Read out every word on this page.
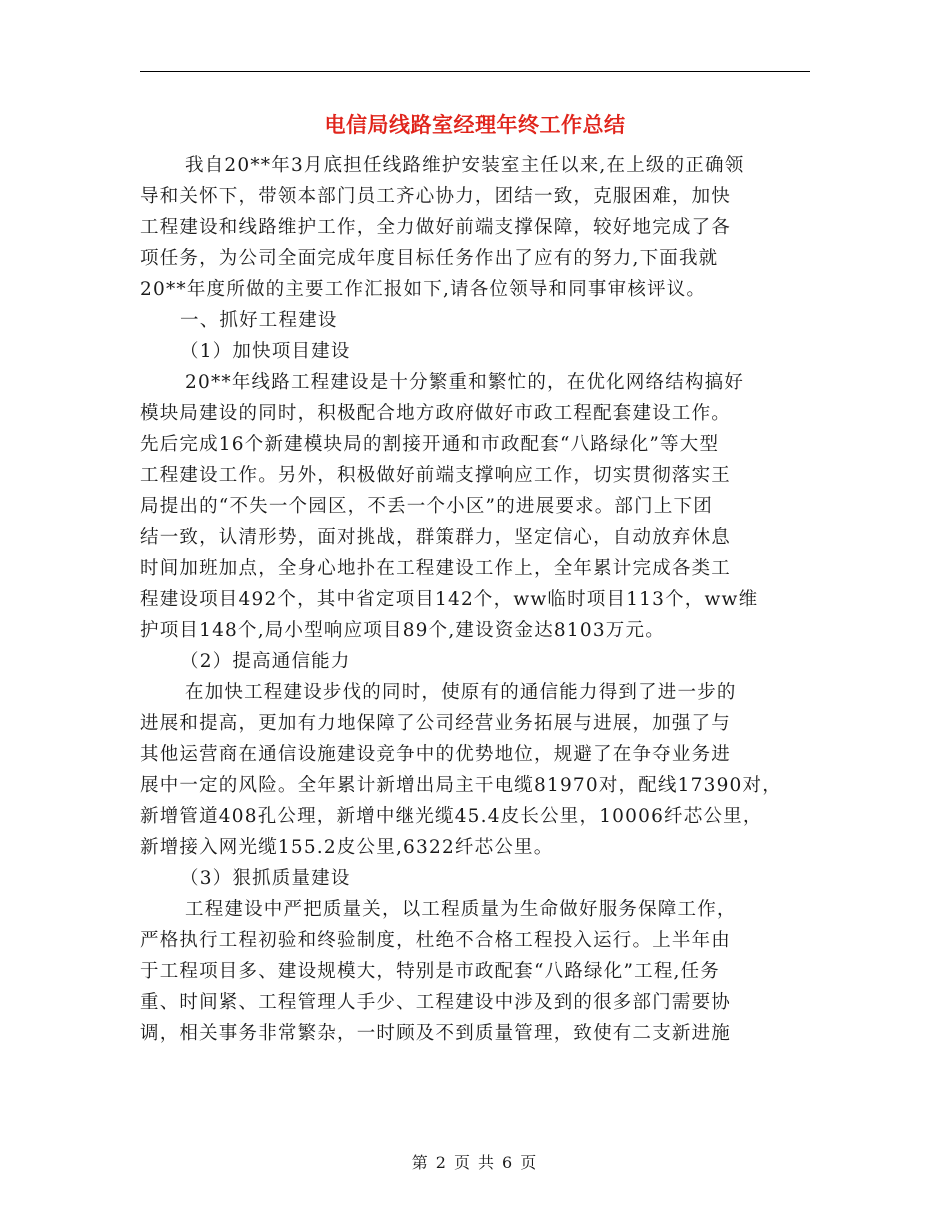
电信局线路室经理年终工作总结
我自20**年3月底担任线路维护安装室主任以来,在上级的正确领
导和关怀下，带领本部门员工齐心协力，团结一致，克服困难，加快
工程建设和线路维护工作，全力做好前端支撑保障，较好地完成了各
项任务，为公司全面完成年度目标任务作出了应有的努力,下面我就
20**年度所做的主要工作汇报如下,请各位领导和同事审核评议。
一、抓好工程建设
（1）加快项目建设
20**年线路工程建设是十分繁重和繁忙的，在优化网络结构搞好
模块局建设的同时，积极配合地方政府做好市政工程配套建设工作。
先后完成16个新建模块局的割接开通和市政配套“八路绿化”等大型
工程建设工作。另外，积极做好前端支撑响应工作，切实贯彻落实王
局提出的“不失一个园区，不丢一个小区”的进展要求。部门上下团
结一致，认清形势，面对挑战，群策群力，坚定信心，自动放弃休息
时间加班加点，全身心地扑在工程建设工作上，全年累计完成各类工
程建设项目492个，其中省定项目142个，ww临时项目113个，ww维
护项目148个,局小型响应项目89个,建设资金达8103万元。
（2）提高通信能力
在加快工程建设步伐的同时，使原有的通信能力得到了进一步的
进展和提高，更加有力地保障了公司经营业务拓展与进展，加强了与
其他运营商在通信设施建设竞争中的优势地位，规避了在争夺业务进
展中一定的风险。全年累计新增出局主干电缆81970对，配线17390对，
新增管道408孔公理，新增中继光缆45.4皮长公里，10006纤芯公里，
新增接入网光缆155.2皮公里,6322纤芯公里。
（3）狠抓质量建设
工程建设中严把质量关，以工程质量为生命做好服务保障工作，
严格执行工程初验和终验制度，杜绝不合格工程投入运行。上半年由
于工程项目多、建设规模大，特别是市政配套“八路绿化”工程,任务
重、时间紧、工程管理人手少、工程建设中涉及到的很多部门需要协
调，相关事务非常繁杂，一时顾及不到质量管理，致使有二支新进施
第 2 页 共 6 页
